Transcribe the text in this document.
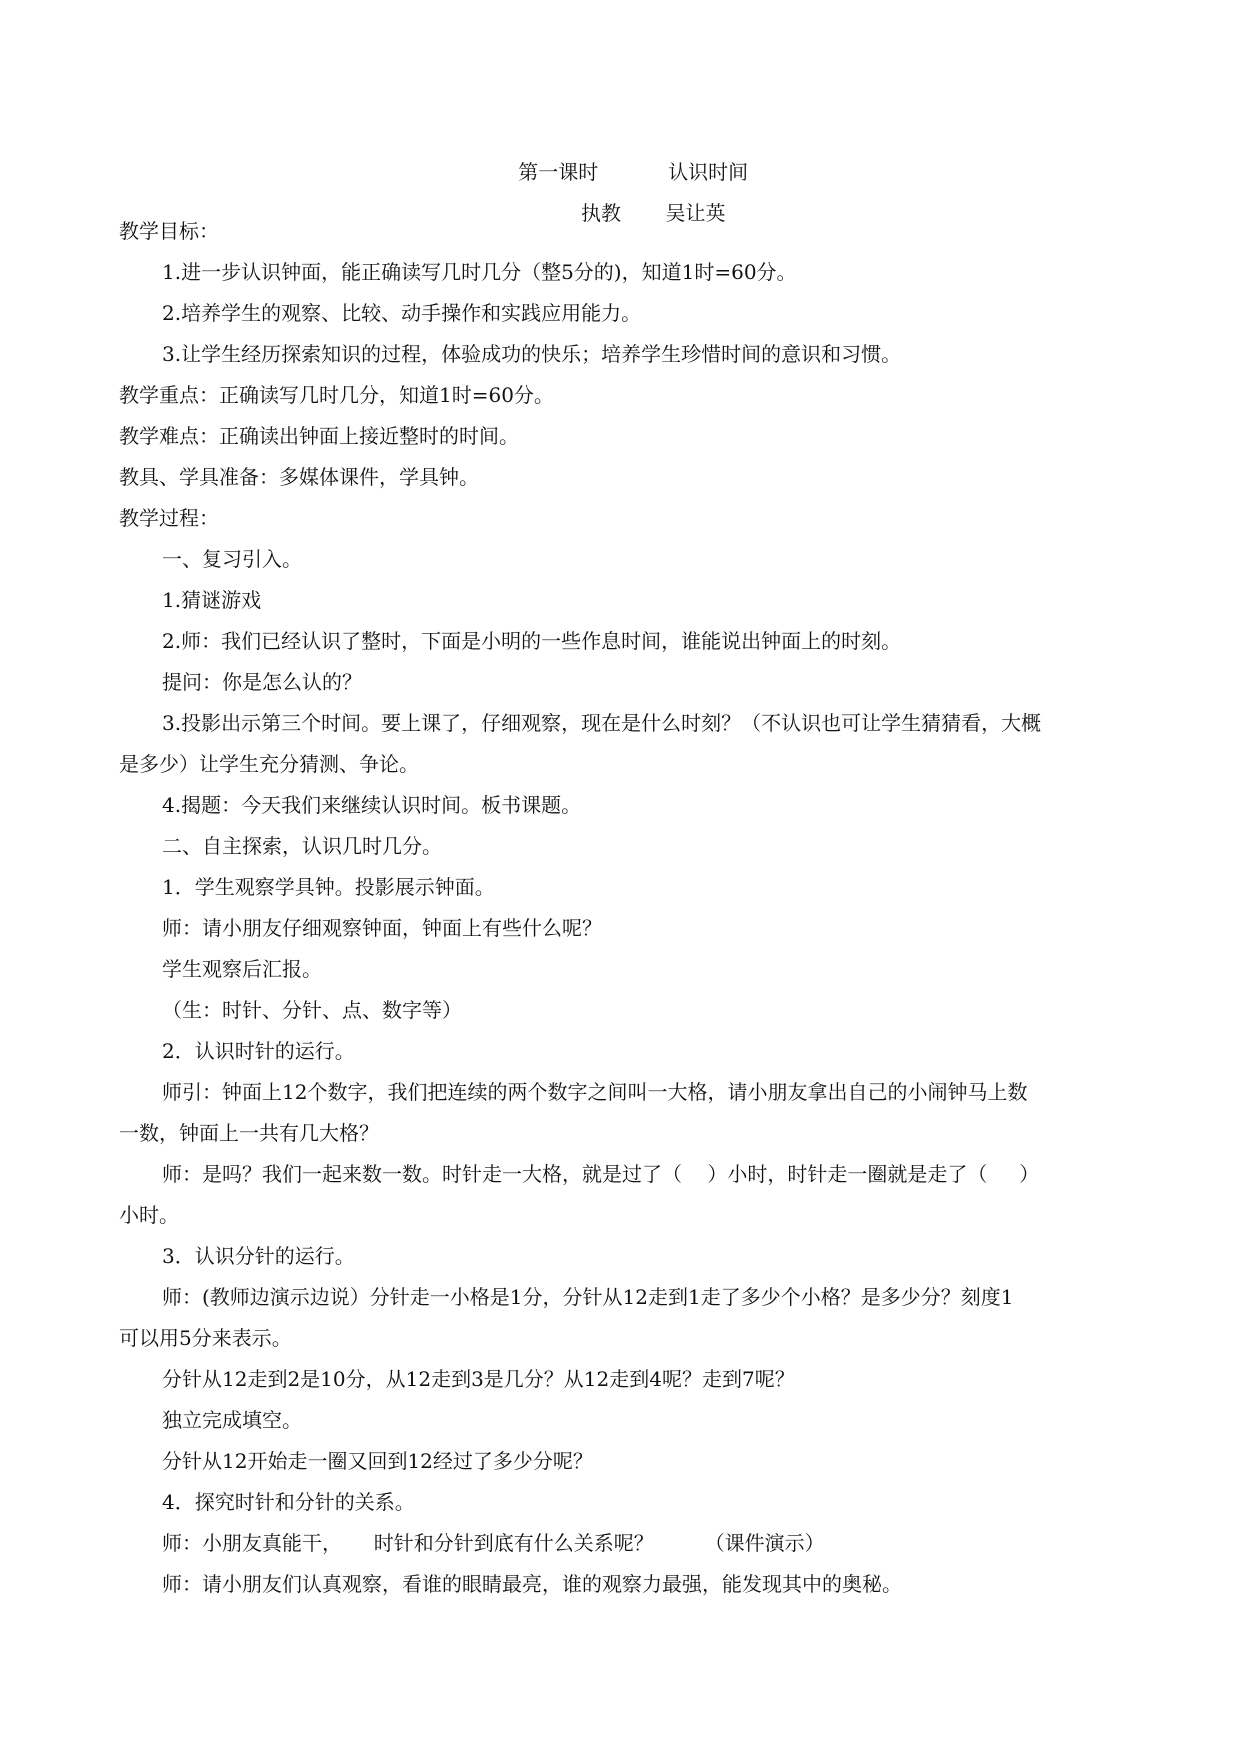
第一课时	认识时间

执教 吴让英

教学目标：
1.进一步认识钟面，能正确读写几时几分（整5分的)，知道1时=60分。
2.培养学生的观察、比较、动手操作和实践应用能力。
3.让学生经历探索知识的过程，体验成功的快乐；培养学生珍惜时间的意识和习惯。
教学重点：正确读写几时几分，知道1时=60分。
教学难点：正确读出钟面上接近整时的时间。
教具、学具准备：多媒体课件，学具钟。
教学过程：
一、复习引入。
1.猜谜游戏
2.师：我们已经认识了整时，下面是小明的一些作息时间，谁能说出钟面上的时刻。
提问：你是怎么认的？
3.投影出示第三个时间。要上课了，仔细观察，现在是什么时刻？（不认识也可让学生猜猜看，大概
是多少）让学生充分猜测、争论。
4.揭题：今天我们来继续认识时间。板书课题。
二、自主探索，认识几时几分。
1．学生观察学具钟。投影展示钟面。
师：请小朋友仔细观察钟面，钟面上有些什么呢？
学生观察后汇报。
（生：时针、分针、点、数字等）
2．认识时针的运行。
师引：钟面上12个数字，我们把连续的两个数字之间叫一大格，请小朋友拿出自己的小闹钟马上数
一数，钟面上一共有几大格？
师：是吗？我们一起来数一数。时针走一大格，就是过了（    ）小时，时针走一圈就是走了（     ）
小时。
3．认识分针的运行。
师：(教师边演示边说）分针走一小格是1分，分针从12走到1走了多少个小格？是多少分？刻度1
可以用5分来表示。
分针从12走到2是10分，从12走到3是几分？从12走到4呢？走到7呢？
独立完成填空。
分针从12开始走一圈又回到12经过了多少分呢？
4．探究时针和分针的关系。
师：小朋友真能干，     时针和分针到底有什么关系呢？        （课件演示）
师：请小朋友们认真观察，看谁的眼睛最亮，谁的观察力最强，能发现其中的奥秘。
